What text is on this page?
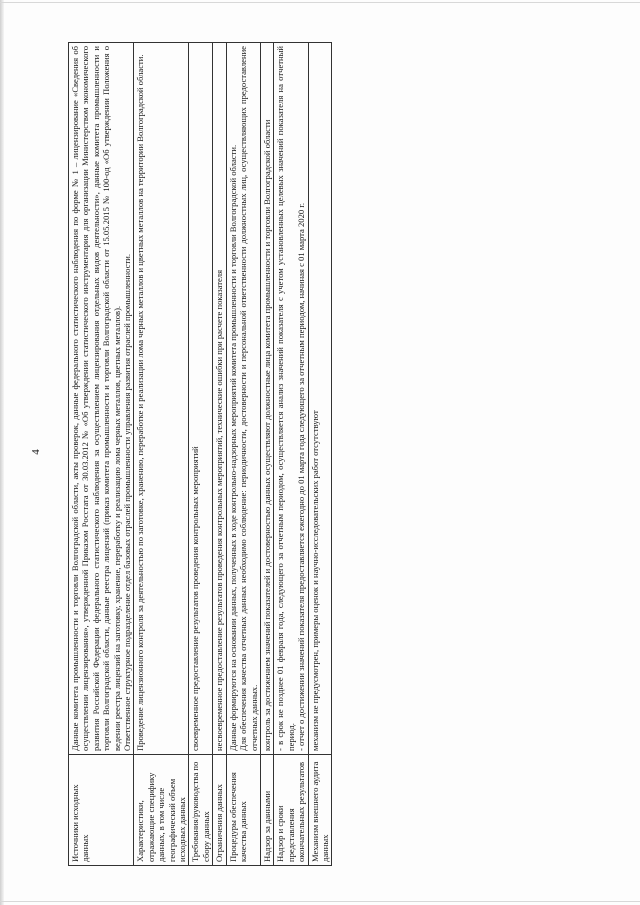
4
Источники исходных данных	Данные комитета промышленности и торговли Волгоградской области, акты проверок, данные федерального статистического наблюдения по форме № 1 – лицензирование «Сведения об осуществлении лицензирования», утвержденной Приказом Росстата от 30.03.2012 № «Об утверждении статистического инструментария для организации Министерством экономического развития Российской Федерации федерального статистического наблюдения за осуществлением лицензирования отдельных видов деятельности», данные комитета промышленности и торговли Волгоградской области, данные реестра лицензий (приказ комитета промышленности и торговли Волгоградской области от 15.05.2015 № 100-од «Об утверждении Положения о ведении реестра лицензий на заготовку, хранение, переработку и реализацию лома черных металлов, цветных металлов). Ответственное структурное подразделение отдел базовых отраслей промышленности управления развития отраслей промышленности.

Характеристики, отражающие специфику данных, в том числе географический объем исходных данных	Проведение лицензионного контроля за деятельностью по заготовке, хранению, переработке и реализации лома черных металлов и цветных металлов на территории Волгоградской области.

Требования/руководства по сбору данных	своевременное предоставление результатов проведения контрольных мероприятий

Ограничения данных	несвоевременное предоставление результатов проведения контрольных мероприятий, технические ошибки при расчете показателя

Процедуры обеспечения качества данных	Данные формируются на основании данных, полученных в ходе контрольно-надзорных мероприятий комитета промышленности и торговли Волгоградской области. Для обеспечения качества отчетных данных необходимо соблюдение: периодичности, достоверности и персональной ответственности должностных лиц, осуществляющих предоставление отчетных данных.

Надзор за данными	контроль за достижением значений показателей и достоверностью данных осуществляют должностные лица комитета промышленности и торговли Волгоградской области

Надзор и сроки представления окончательных результатов	- в срок не позднее 01 февраля года, следующего за отчетным периодом, осуществляется анализ значений показателя с учетом установленных целевых значений показателя на отчетный период. - отчет о достижении значений показателя предоставляется ежегодно до 01 марта года следующего за отчетным периодом, начиная с 01 марта 2020 г.

Механизм внешнего аудита данных	механизм не предусмотрен, примеры оценок и научно-исследовательских работ отсутствуют
